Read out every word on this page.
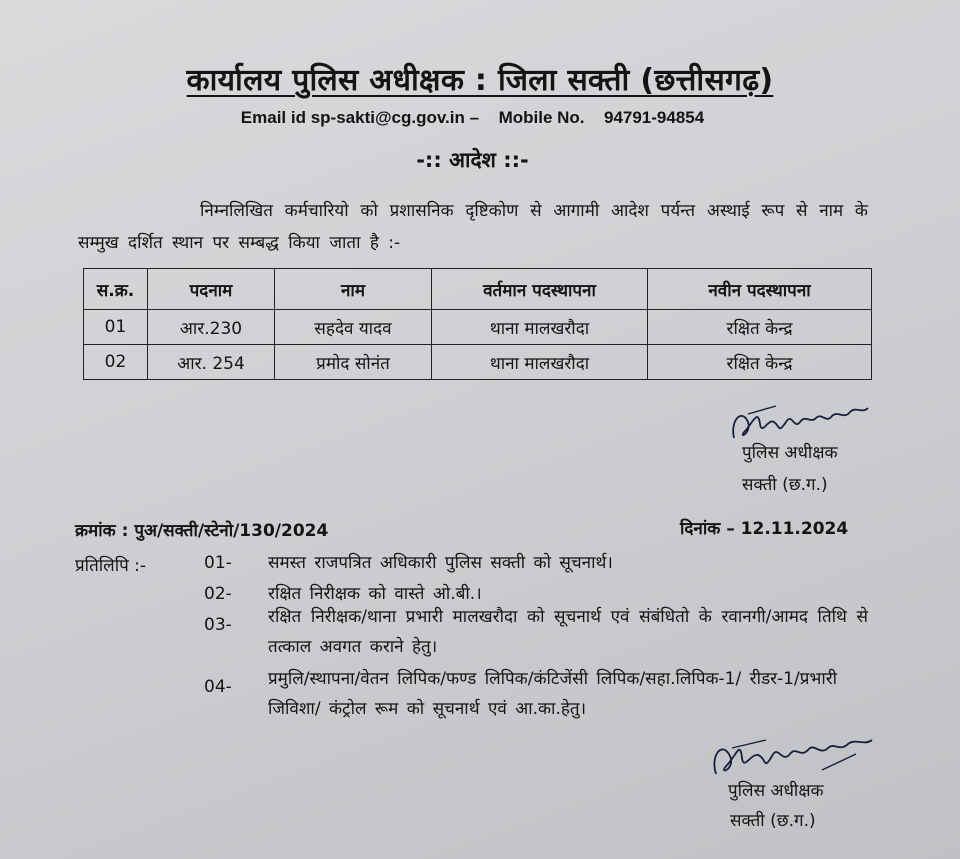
कार्यालय पुलिस अधीक्षक : जिला सक्ती (छत्तीसगढ़)
Email id sp-sakti@cg.gov.in – Mobile No. 94791-94854
-:: आदेश ::-

निम्नलिखित कर्मचारियो को प्रशासनिक दृष्टिकोण से आगामी आदेश पर्यन्त अस्थाई रूप से नाम के सम्मुख दर्शित स्थान पर सम्बद्ध किया जाता है :-

स.क्र.	पदनाम	नाम	वर्तमान पदस्थापना	नवीन पदस्थापना
01	आर.230	सहदेव यादव	थाना मालखरौदा	रक्षित केन्द्र
02	आर. 254	प्रमोद सोनंत	थाना मालखरौदा	रक्षित केन्द्र
पुलिस अधीक्षक
सक्ती (छ.ग.)
क्रमांक : पुअ/सक्ती/स्टेनो/130/2024	दिनांक – 12.11.2024
प्रतिलिपि :-	01- समस्त राजपत्रित अधिकारी पुलिस सक्ती को सूचनार्थ।
02- रक्षित निरीक्षक को वास्ते ओ.बी.।
03- रक्षित निरीक्षक/थाना प्रभारी मालखरौदा को सूचनार्थ एवं संबंधितो के रवानगी/आमद तिथि से तत्काल अवगत कराने हेतु।
04- प्रमुलि/स्थापना/वेतन लिपिक/फण्ड लिपिक/कंटिजेंसी लिपिक/सहा.लिपिक-1/ रीडर-1/प्रभारी जिविशा/ कंट्रोल रूम को सूचनार्थ एवं आ.का.हेतु।
पुलिस अधीक्षक
सक्ती (छ.ग.)
